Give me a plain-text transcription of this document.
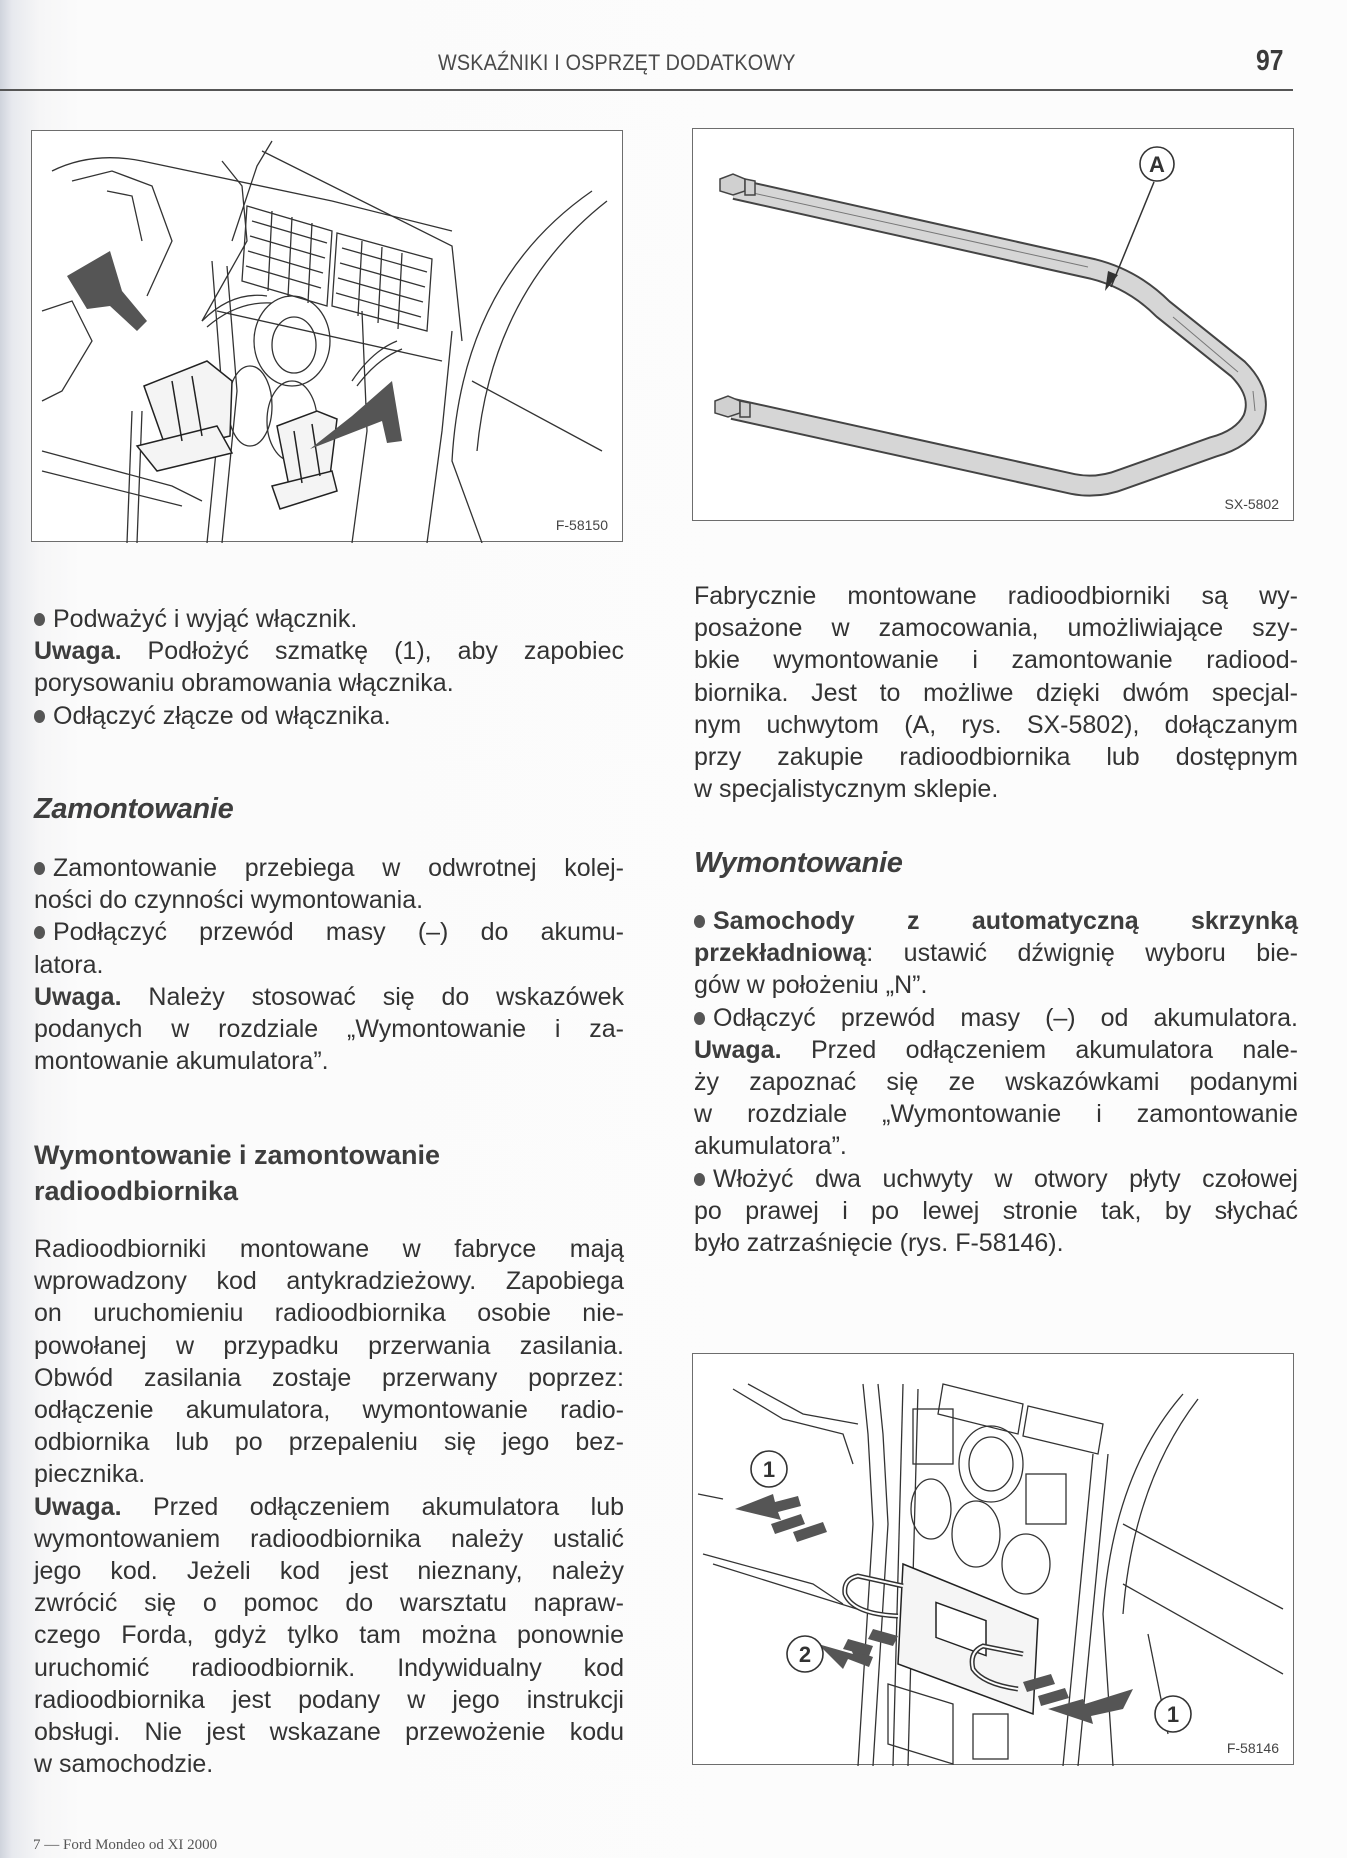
WSKAŹNIKI I OSPRZĘT DODATKOWY	97
F-58150
A
SX-5802
1
2
1
F-58146
Podważyć i wyjąć włącznik.
Uwaga. Podłożyć szmatkę (1), aby zapobiec
porysowaniu obramowania włącznika.
Odłączyć złącze od włącznika.
Zamontowanie
Zamontowanie przebiega w odwrotnej kolej-
ności do czynności wymontowania.
Podłączyć przewód masy (–) do akumu-
latora.
Uwaga. Należy stosować się do wskazówek
podanych w rozdziale „Wymontowanie i za-
montowanie akumulatora”.
Wymontowanie i zamontowanie
radioodbiornika
Radioodbiorniki montowane w fabryce mają
wprowadzony kod antykradzieżowy. Zapobiega
on uruchomieniu radioodbiornika osobie nie-
powołanej w przypadku przerwania zasilania.
Obwód zasilania zostaje przerwany poprzez:
odłączenie akumulatora, wymontowanie radio-
odbiornika lub po przepaleniu się jego bez-
piecznika.
Uwaga. Przed odłączeniem akumulatora lub
wymontowaniem radioodbiornika należy ustalić
jego kod. Jeżeli kod jest nieznany, należy
zwrócić się o pomoc do warsztatu napraw-
czego Forda, gdyż tylko tam można ponownie
uruchomić radioodbiornik. Indywidualny kod
radioodbiornika jest podany w jego instrukcji
obsługi. Nie jest wskazane przewożenie kodu
w samochodzie.
Fabrycznie montowane radioodbiorniki są wy-
posażone w zamocowania, umożliwiające szy-
bkie wymontowanie i zamontowanie radiood-
biornika. Jest to możliwe dzięki dwóm specjal-
nym uchwytom (A, rys. SX-5802), dołączanym
przy zakupie radioodbiornika lub dostępnym
w specjalistycznym sklepie.
Wymontowanie
Samochody z automatyczną skrzynką
przekładniową: ustawić dźwignię wyboru bie-
gów w położeniu „N”.
Odłączyć przewód masy (–) od akumulatora.
Uwaga. Przed odłączeniem akumulatora nale-
ży zapoznać się ze wskazówkami podanymi
w rozdziale „Wymontowanie i zamontowanie
akumulatora”.
Włożyć dwa uchwyty w otwory płyty czołowej
po prawej i po lewej stronie tak, by słychać
było zatrzaśnięcie (rys. F-58146).
7 — Ford Mondeo od XI 2000
